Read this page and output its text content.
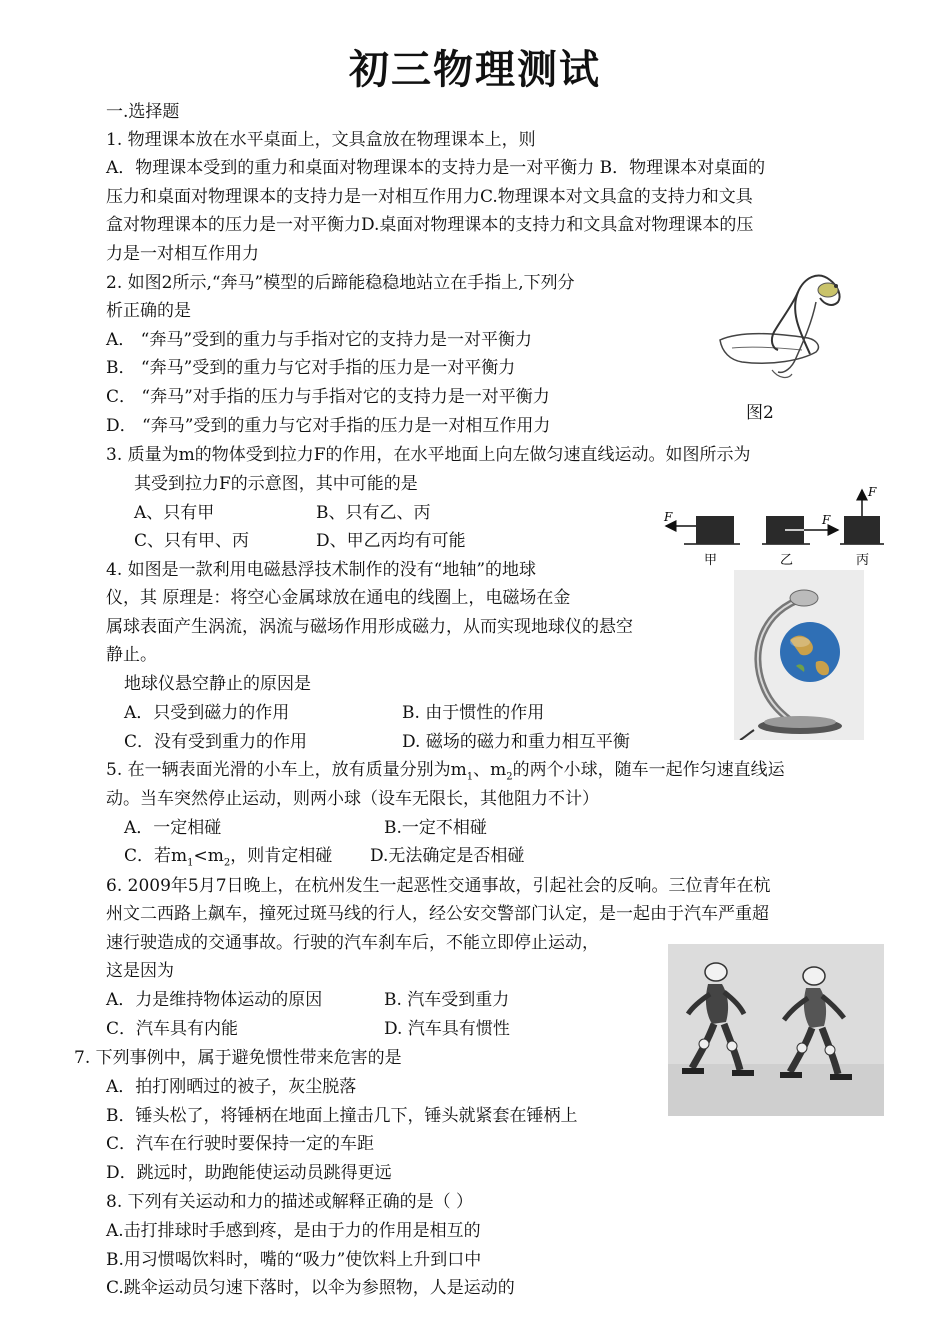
初三物理测试
一.选择题
1. 物理课本放在水平桌面上，文具盒放在物理课本上，则
A．物理课本受到的重力和桌面对物理课本的支持力是一对平衡力 B．物理课本对桌面的
压力和桌面对物理课本的支持力是一对相互作用力C.物理课本对文具盒的支持力和文具
盒对物理课本的压力是一对平衡力D.桌面对物理课本的支持力和文具盒对物理课本的压
力是一对相互作用力
2. 如图2所示,“奔马”模型的后蹄能稳稳地站立在手指上,下列分
析正确的是
A． “奔马”受到的重力与手指对它的支持力是一对平衡力
B． “奔马”受到的重力与它对手指的压力是一对平衡力
C． “奔马”对手指的压力与手指对它的支持力是一对平衡力
D． “奔马”受到的重力与它对手指的压力是一对相互作用力
图2
3. 质量为m的物体受到拉力F的作用，在水平地面上向左做匀速直线运动。如图所示为
其受到拉力F的示意图，其中可能的是
A、只有甲	B、只有乙、丙
C、只有甲、丙	D、甲乙丙均有可能
F
甲
F
乙
F
丙
4. 如图是一款利用电磁悬浮技术制作的没有“地轴”的地球
仪，其 原理是：将空心金属球放在通电的线圈上，电磁场在金
属球表面产生涡流，涡流与磁场作用形成磁力，从而实现地球仪的悬空
静止。
地球仪悬空静止的原因是
A．只受到磁力的作用	B. 由于惯性的作用
C．没有受到重力的作用	D. 磁场的磁力和重力相互平衡
5. 在一辆表面光滑的小车上，放有质量分别为$m_1$、$m_2$的两个小球，随车一起作匀速直线运
动。当车突然停止运动，则两小球（设车无限长，其他阻力不计）
A．一定相碰	B.一定不相碰
C．若$m_1<m_2$，则肯定相碰 D.无法确定是否相碰
6. 2009年5月7日晚上，在杭州发生一起恶性交通事故，引起社会的反响。三位青年在杭
州文二西路上飙车，撞死过斑马线的行人，经公安交警部门认定，是一起由于汽车严重超
速行驶造成的交通事故。行驶的汽车刹车后，不能立即停止运动，
这是因为
A．力是维持物体运动的原因	B. 汽车受到重力
C．汽车具有内能	D. 汽车具有惯性
7. 下列事例中，属于避免惯性带来危害的是
A．拍打刚晒过的被子，灰尘脱落
B．锤头松了，将锤柄在地面上撞击几下，锤头就紧套在锤柄上
C．汽车在行驶时要保持一定的车距
D．跳远时，助跑能使运动员跳得更远
8. 下列有关运动和力的描述或解释正确的是（ ）
A.击打排球时手感到疼，是由于力的作用是相互的
B.用习惯喝饮料时，嘴的“吸力”使饮料上升到口中
C.跳伞运动员匀速下落时，以伞为参照物，人是运动的
